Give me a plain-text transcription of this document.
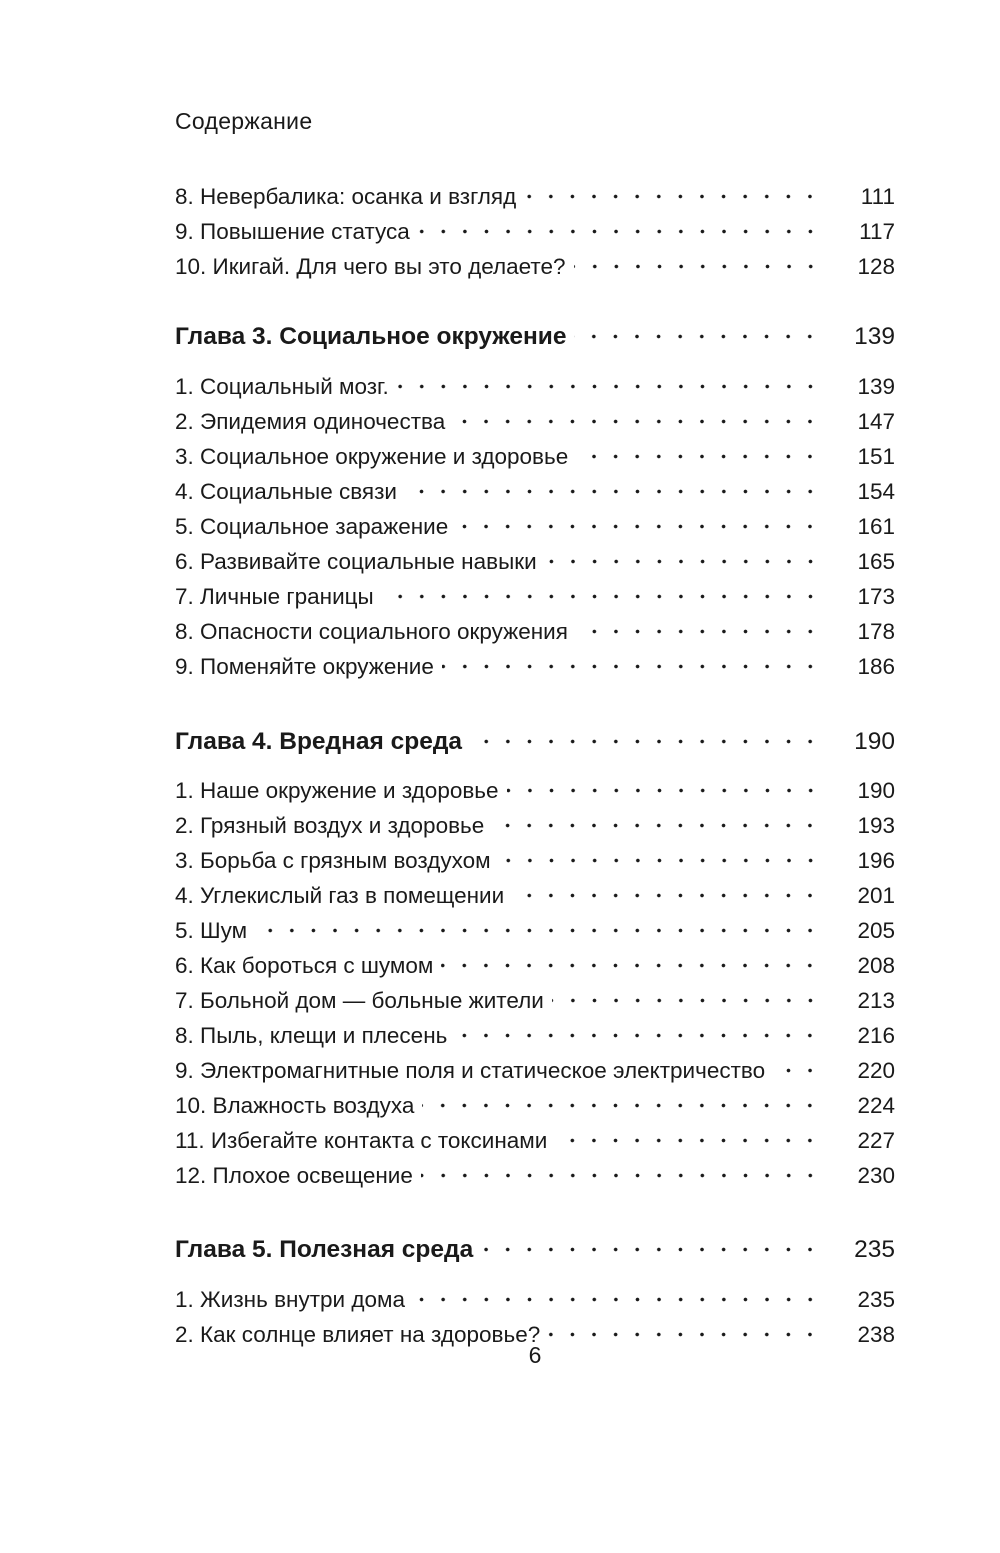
Содержание
8. Невербалика: осанка и взгляд	111
9. Повышение статуса	117
10. Икигай. Для чего вы это делаете?	128
Глава 3. Социальное окружение	139
1. Социальный мозг.	139
2. Эпидемия одиночества	147
3. Социальное окружение и здоровье	151
4. Социальные связи	154
5. Социальное заражение	161
6. Развивайте социальные навыки	165
7. Личные границы	173
8. Опасности социального окружения	178
9. Поменяйте окружение	186
Глава 4. Вредная среда	190
1. Наше окружение и здоровье	190
2. Грязный воздух и здоровье	193
3. Борьба с грязным воздухом	196
4. Углекислый газ в помещении	201
5. Шум	205
6. Как бороться с шумом	208
7. Больной дом — больные жители	213
8. Пыль, клещи и плесень	216
9. Электромагнитные поля и статическое электричество	220
10. Влажность воздуха	224
11. Избегайте контакта с токсинами	227
12. Плохое освещение	230
Глава 5. Полезная среда	235
1. Жизнь внутри дома	235
2. Как солнце влияет на здоровье?	238
6
